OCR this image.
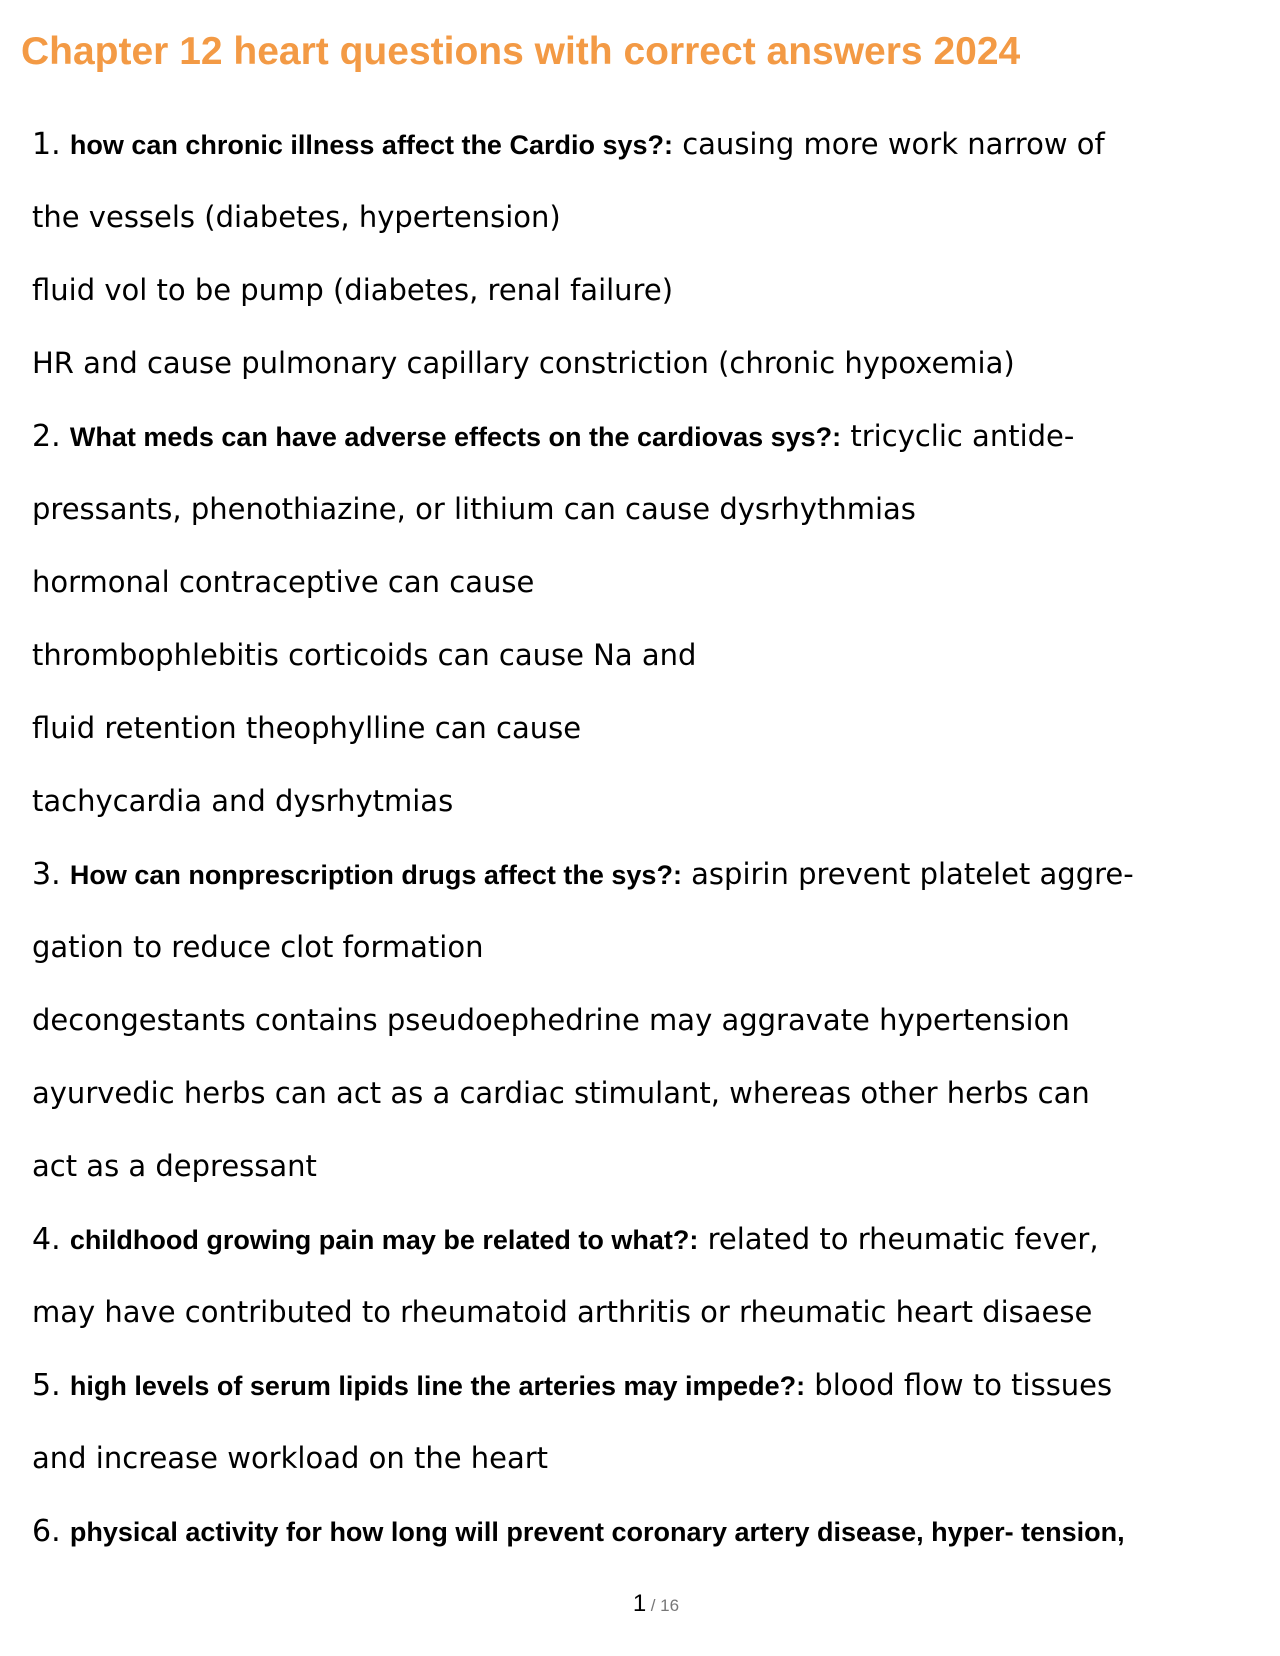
Chapter 12 heart questions with correct answers 2024
1. how can chronic illness affect the Cardio sys?: causing more work narrow of
the vessels (diabetes, hypertension)
fluid vol to be pump (diabetes, renal failure)
HR and cause pulmonary capillary constriction (chronic hypoxemia)
2. What meds can have adverse effects on the cardiovas sys?: tricyclic antide-
pressants, phenothiazine, or lithium can cause dysrhythmias
hormonal contraceptive can cause
thrombophlebitis corticoids can cause Na and
fluid retention theophylline can cause
tachycardia and dysrhytmias
3. How can nonprescription drugs affect the sys?: aspirin prevent platelet aggre-
gation to reduce clot formation
decongestants contains pseudoephedrine may aggravate hypertension
ayurvedic herbs can act as a cardiac stimulant, whereas other herbs can
act as a depressant
4. childhood growing pain may be related to what?: related to rheumatic fever,
may have contributed to rheumatoid arthritis or rheumatic heart disaese
5. high levels of serum lipids line the arteries may impede?: blood flow to tissues
and increase workload on the heart
6. physical activity for how long will prevent coronary artery disease, hyper- tension,
1 / 16
